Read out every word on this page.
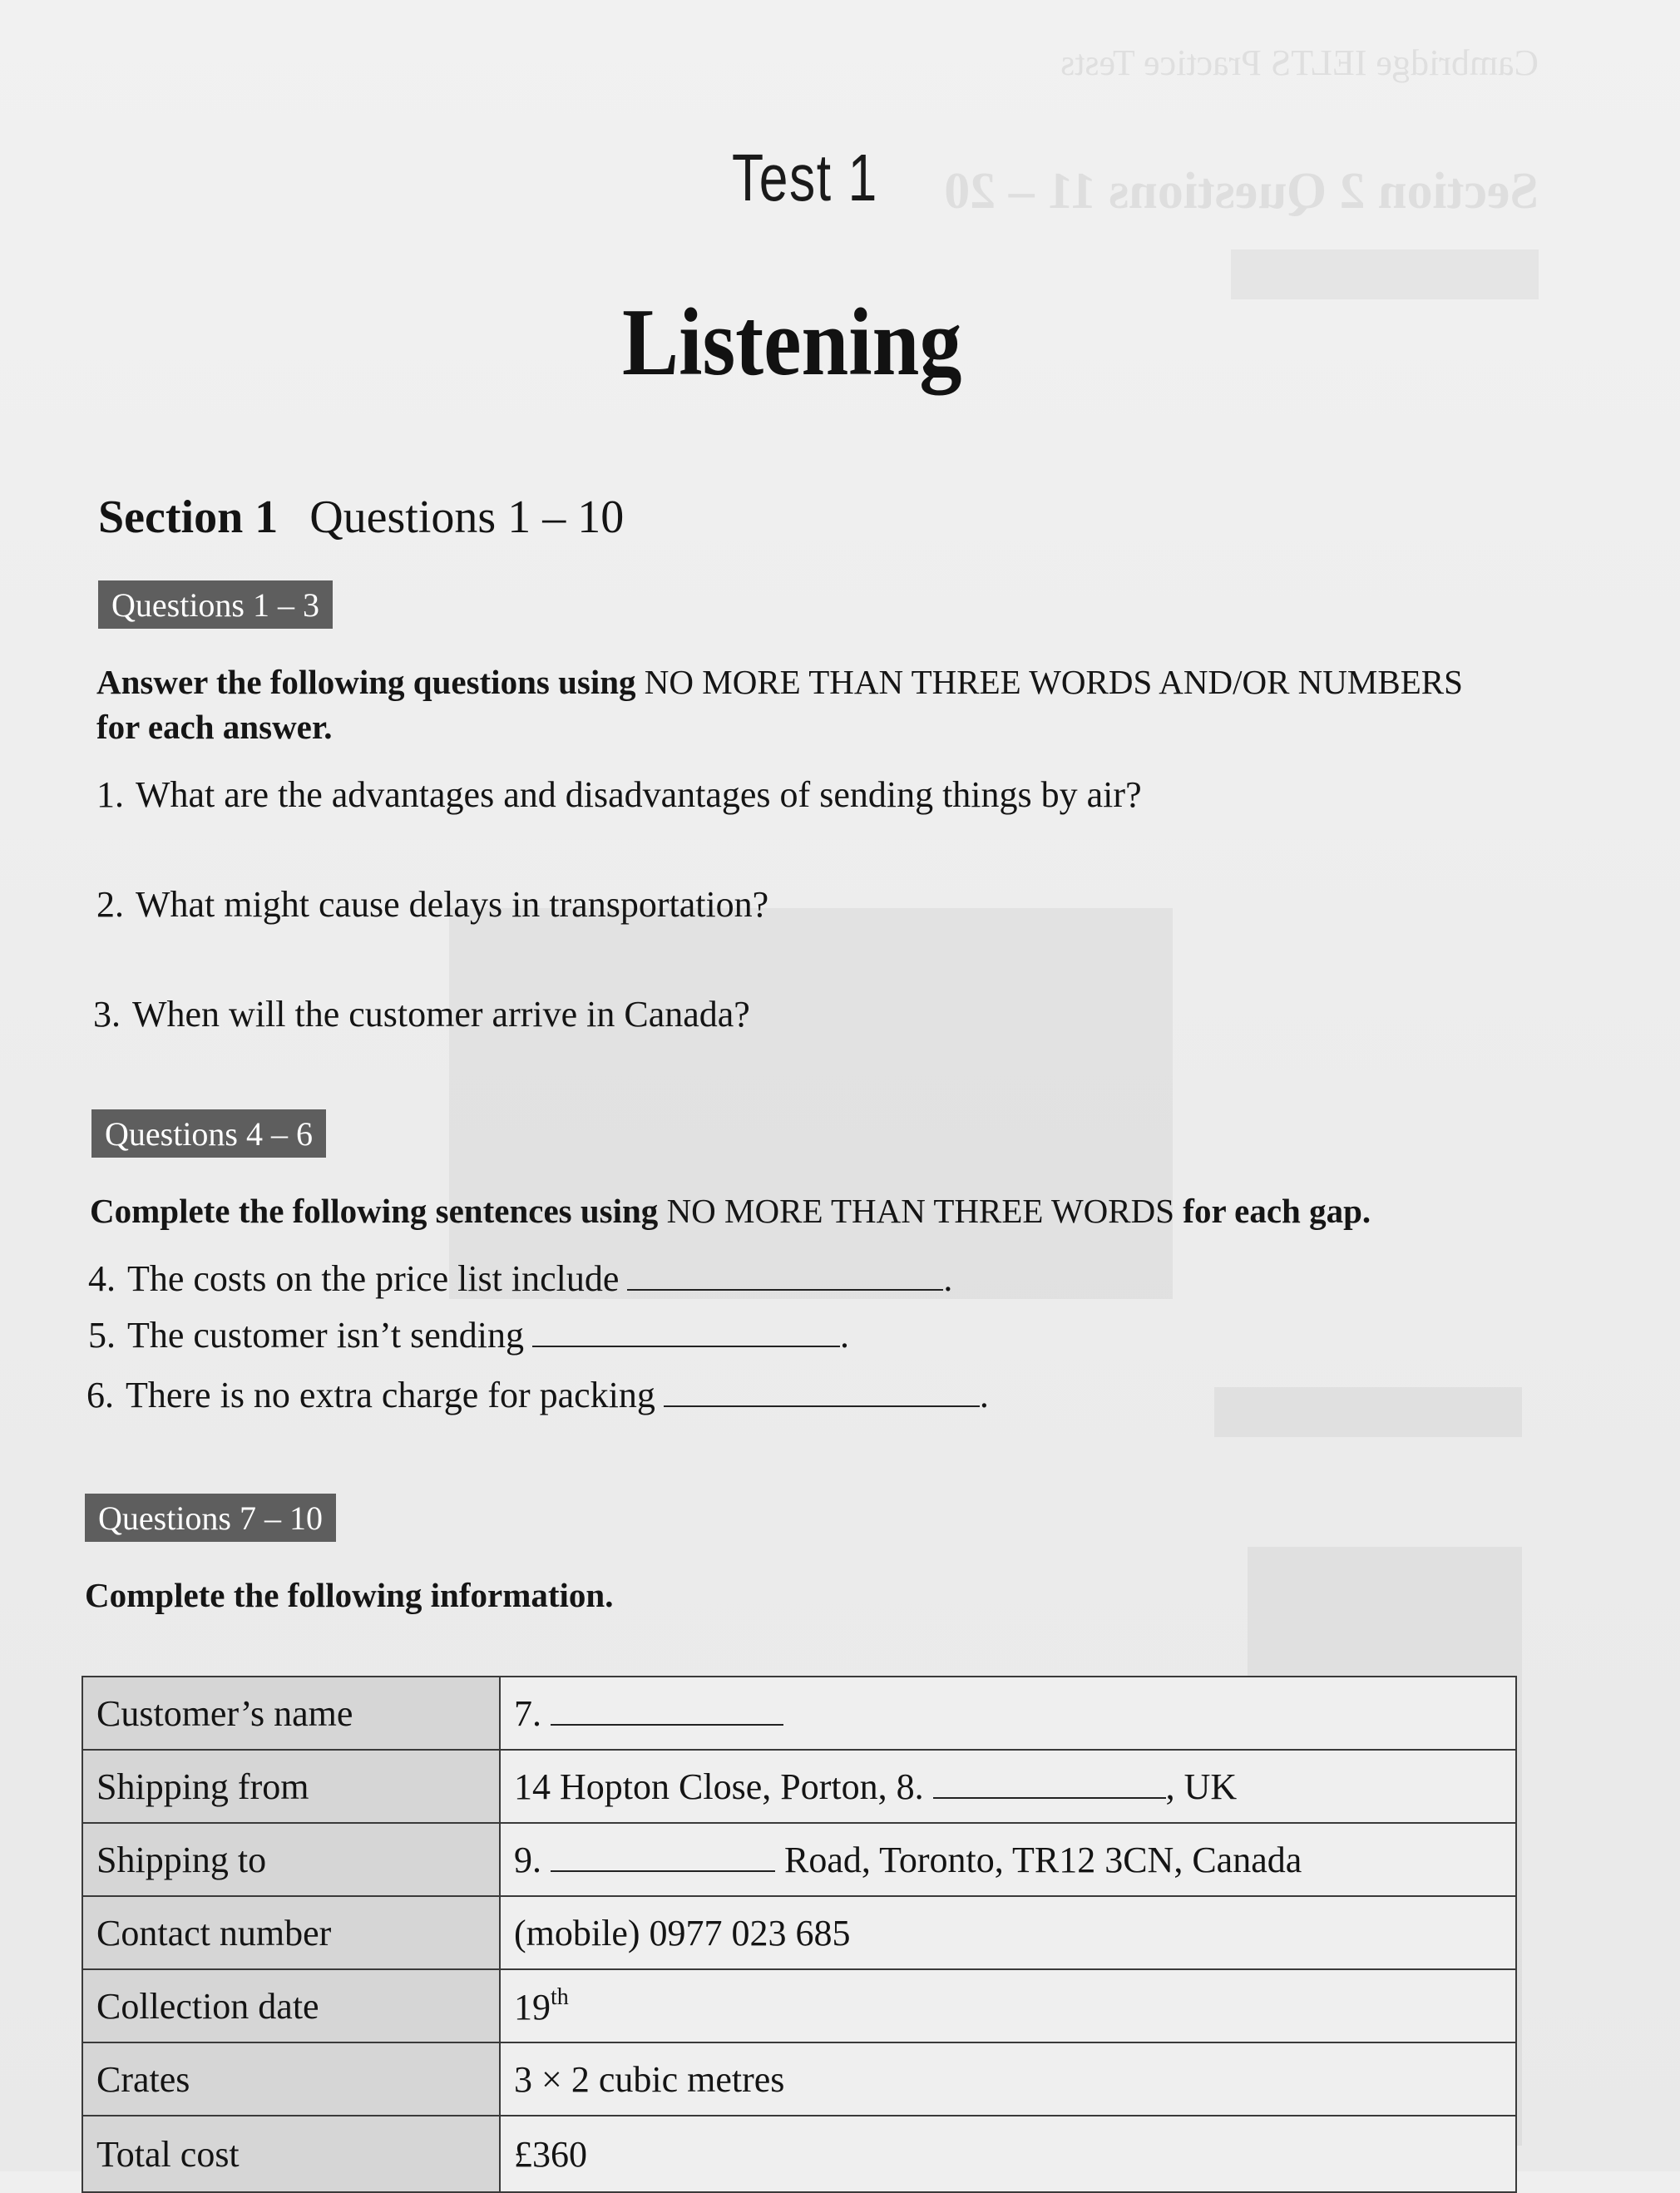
Cambridge IELTS Practice Tests
Section 2 Questions 11 – 20
Test 1
Listening
Section 1 Questions 1 – 10
Questions 1 – 3
Answer the following questions using NO MORE THAN THREE WORDS AND/OR NUMBERS
for each answer.
1. What are the advantages and disadvantages of sending things by air?
2. What might cause delays in transportation?
3. When will the customer arrive in Canada?
Questions 4 – 6
Complete the following sentences using NO MORE THAN THREE WORDS for each gap.
4. The costs on the price list include	.
5. The customer isn’t sending	.
6. There is no extra charge for packing	.
Questions 7 – 10
Complete the following information.
Customer’s name	7.
Shipping from	14 Hopton Close, Porton, 8. , UK
Shipping to	9. Road, Toronto, TR12 3CN, Canada
Contact number	(mobile) 0977 023 685
Collection date	19th
Crates	3 × 2 cubic metres
Total cost	£360
